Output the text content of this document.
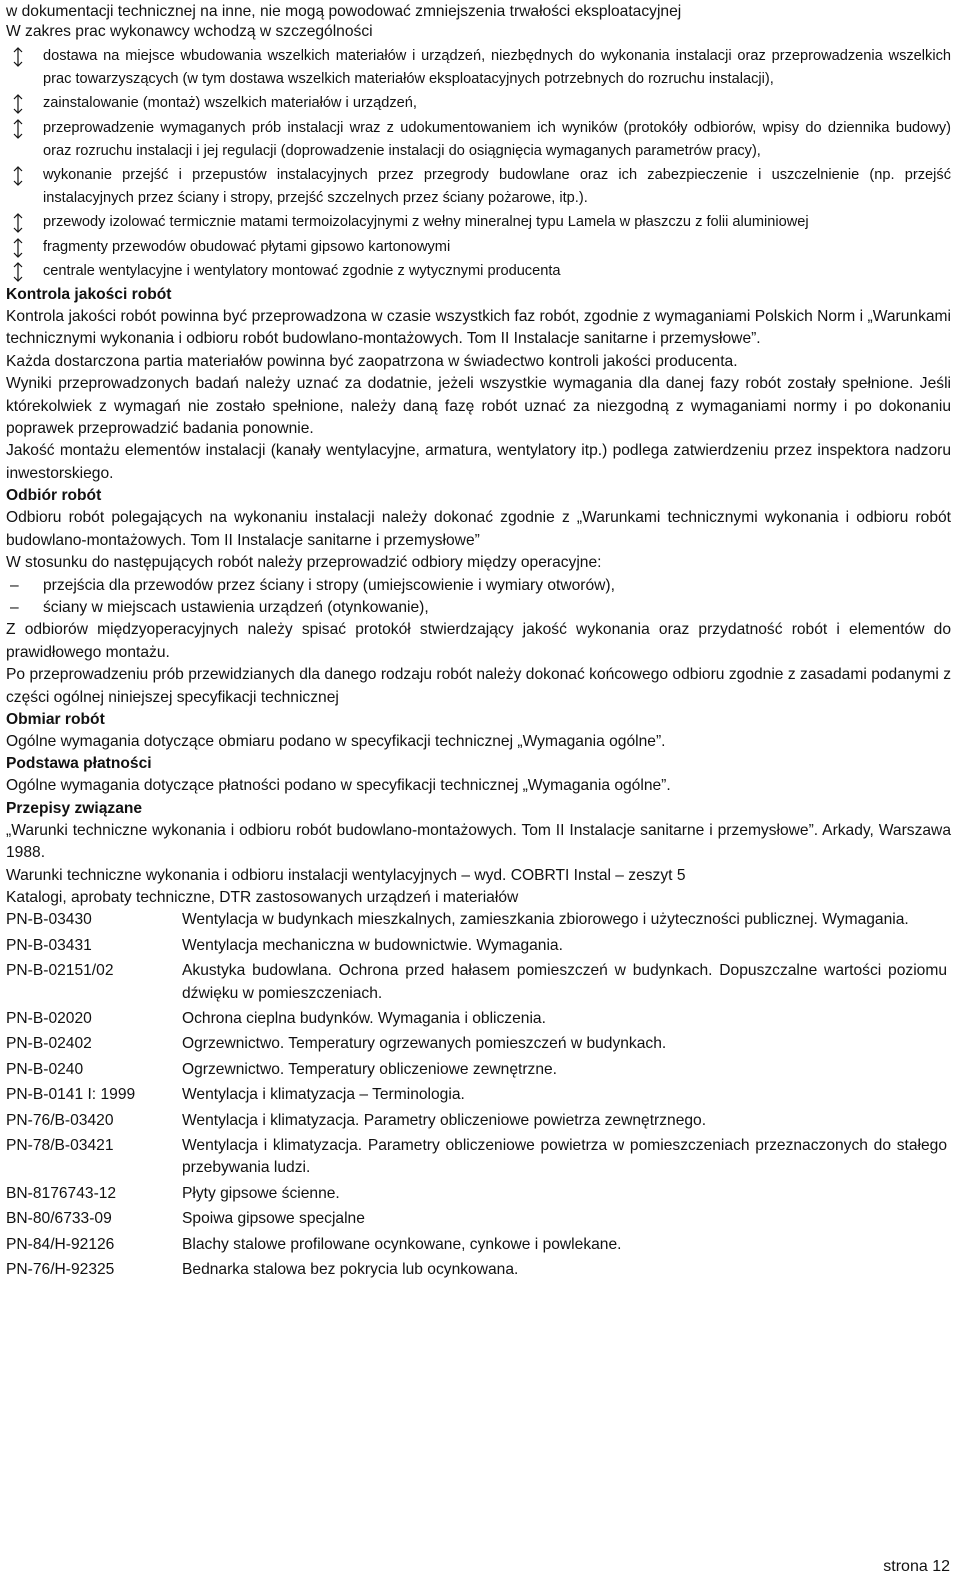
w dokumentacji technicznej na inne, nie mogą powodować zmniejszenia trwałości eksploatacyjnej

W zakres prac wykonawcy wchodzą w szczególności

dostawa na miejsce wbudowania wszelkich materiałów i urządzeń, niezbędnych do wykonania instalacji oraz przeprowadzenia wszelkich prac towarzyszących (w tym dostawa wszelkich materiałów eksploatacyjnych potrzebnych do rozruchu instalacji),
zainstalowanie (montaż) wszelkich materiałów i urządzeń,
przeprowadzenie wymaganych prób instalacji wraz z udokumentowaniem ich wyników (protokóły odbiorów, wpisy do dziennika budowy) oraz rozruchu instalacji i jej regulacji (doprowadzenie instalacji do osiągnięcia wymaganych parametrów pracy),
wykonanie przejść i przepustów instalacyjnych przez przegrody budowlane oraz ich zabezpieczenie i uszczelnienie (np. przejść instalacyjnych przez ściany i stropy, przejść szczelnych przez ściany pożarowe, itp.).
przewody izolować termicznie matami termoizolacyjnymi z wełny mineralnej typu Lamela w płaszczu z folii aluminiowej
fragmenty przewodów obudować płytami gipsowo kartonowymi
centrale wentylacyjne i wentylatory montować zgodnie z wytycznymi producenta

Kontrola jakości robót

Kontrola jakości robót powinna być przeprowadzona w czasie wszystkich faz robót, zgodnie z wymaganiami Polskich Norm i „Warunkami technicznymi wykonania i odbioru robót budowlano-montażowych. Tom II Instalacje sanitarne i przemysłowe”.

Każda dostarczona partia materiałów powinna być zaopatrzona w świadectwo kontroli jakości producenta.

Wyniki przeprowadzonych badań należy uznać za dodatnie, jeżeli wszystkie wymagania dla danej fazy robót zostały spełnione. Jeśli którekolwiek z wymagań nie zostało spełnione, należy daną fazę robót uznać za niezgodną z wymaganiami normy i po dokonaniu poprawek przeprowadzić badania ponownie.

Jakość montażu elementów instalacji (kanały wentylacyjne, armatura, wentylatory itp.) podlega zatwierdzeniu przez inspektora nadzoru inwestorskiego.

Odbiór robót

Odbioru robót polegających na wykonaniu instalacji należy dokonać zgodnie z „Warunkami technicznymi wykonania i odbioru robót budowlano-montażowych. Tom II Instalacje sanitarne i przemysłowe”

W stosunku do następujących robót należy przeprowadzić odbiory między operacyjne:

– przejścia dla przewodów przez ściany i stropy (umiejscowienie i wymiary otworów),
– ściany w miejscach ustawienia urządzeń (otynkowanie),

Z odbiorów międzyoperacyjnych należy spisać protokół stwierdzający jakość wykonania oraz przydatność robót i elementów do prawidłowego montażu.

Po przeprowadzeniu prób przewidzianych dla danego rodzaju robót należy dokonać końcowego odbioru zgodnie z zasadami podanymi z części ogólnej niniejszej specyfikacji technicznej

Obmiar robót

Ogólne wymagania dotyczące obmiaru podano w specyfikacji technicznej „Wymagania ogólne”.

Podstawa płatności

Ogólne wymagania dotyczące płatności podano w specyfikacji technicznej „Wymagania ogólne”.

Przepisy związane

„Warunki techniczne wykonania i odbioru robót budowlano-montażowych. Tom II Instalacje sanitarne i przemysłowe”. Arkady, Warszawa 1988.

Warunki techniczne wykonania i odbioru instalacji wentylacyjnych – wyd. COBRTI Instal – zeszyt 5

Katalogi, aprobaty techniczne, DTR zastosowanych urządzeń i materiałów

PN-B-03430	Wentylacja w budynkach mieszkalnych, zamieszkania zbiorowego i użyteczności publicznej. Wymagania.
PN-B-03431	Wentylacja mechaniczna w budownictwie. Wymagania.
PN-B-02151/02	Akustyka budowlana. Ochrona przed hałasem pomieszczeń w budynkach. Dopuszczalne wartości poziomu dźwięku w pomieszczeniach.
PN-B-02020	Ochrona cieplna budynków. Wymagania i obliczenia.
PN-B-02402	Ogrzewnictwo. Temperatury ogrzewanych pomieszczeń w budynkach.
PN-B-0240	Ogrzewnictwo. Temperatury obliczeniowe zewnętrzne.
PN-B-0141 I: 1999	Wentylacja i klimatyzacja – Terminologia.
PN-76/B-03420	Wentylacja i klimatyzacja. Parametry obliczeniowe powietrza zewnętrznego.
PN-78/B-03421	Wentylacja i klimatyzacja. Parametry obliczeniowe powietrza w pomieszczeniach przeznaczonych do stałego przebywania ludzi.
BN-8176743-12	Płyty gipsowe ścienne.
BN-80/6733-09	Spoiwa gipsowe specjalne
PN-84/H-92126	Blachy stalowe profilowane ocynkowane, cynkowe i powlekane.
PN-76/H-92325	Bednarka stalowa bez pokrycia lub ocynkowana.
strona 12
